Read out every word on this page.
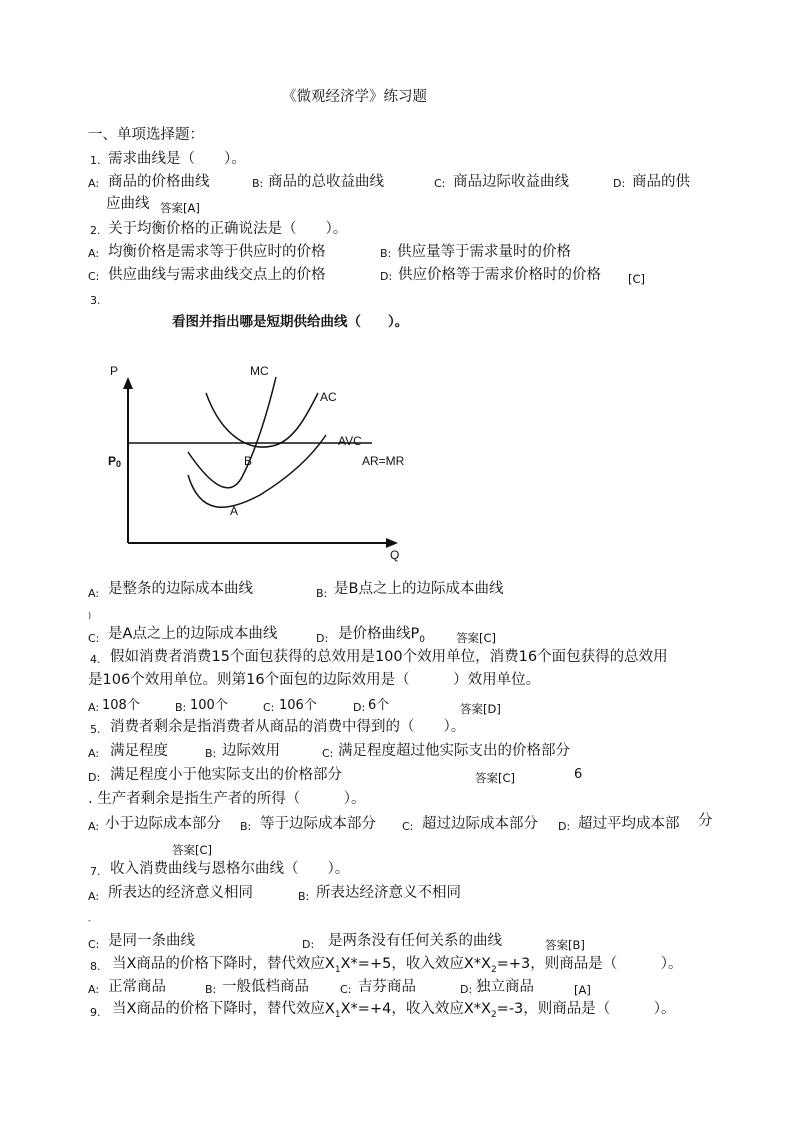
《微观经济学》练习题
一、单项选择题：
1. 需求曲线是（　　）。
A: 商品的价格曲线	B: 商品的总收益曲线	C: 商品边际收益曲线	D: 商品的供
应曲线 答案[A]
2. 关于均衡价格的正确说法是（　　）。
A: 均衡价格是需求等于供应时的价格	B: 供应量等于需求量时的价格
C: 供应曲线与需求曲线交点上的价格	D: 供应价格等于需求价格时的价格 [C]
3.
看图并指出哪是短期供给曲线（　　）。
P
Q
P0
MC
AC
AVC
AR=MR
B
A
A: 是整条的边际成本曲线	B: 是B点之上的边际成本曲线
)
C: 是A点之上的边际成本曲线	D: 是价格曲线$P_0$	答案[C]
4. 假如消费者消费15个面包获得的总效用是100个效用单位，消费16个面包获得的总效用
是106个效用单位。则第16个面包的边际效用是（　　　）效用单位。
A: 108个	B: 100个	C: 106个	D: 6个	答案[D]
5. 消费者剩余是指消费者从商品的消费中得到的（　　）。
A: 满足程度	B: 边际效用	C: 满足程度超过他实际支出的价格部分
D: 满足程度小于他实际支出的价格部分	答案[C]	6
. 生产者剩余是指生产者的所得（　　　）。
A: 小于边际成本部分 B: 等于边际成本部分 C: 超过边际成本部分 D: 超过平均成本部 分
答案[C]
7. 收入消费曲线与恩格尔曲线（　　）。
A: 所表达的经济意义相同	B: 所表达经济意义不相同
-
C: 是同一条曲线	D: 是两条没有任何关系的曲线	答案[B]
8. 当X商品的价格下降时，替代效应$X_1X*=+5$，收入效应$X*X_2=+3$，则商品是（　　　）。
A: 正常商品	B: 一般低档商品	C: 吉芬商品	D: 独立商品	[A]
9. 当X商品的价格下降时，替代效应$X_1X*=+4$，收入效应$X*X_2=-3$，则商品是（　　　）。
